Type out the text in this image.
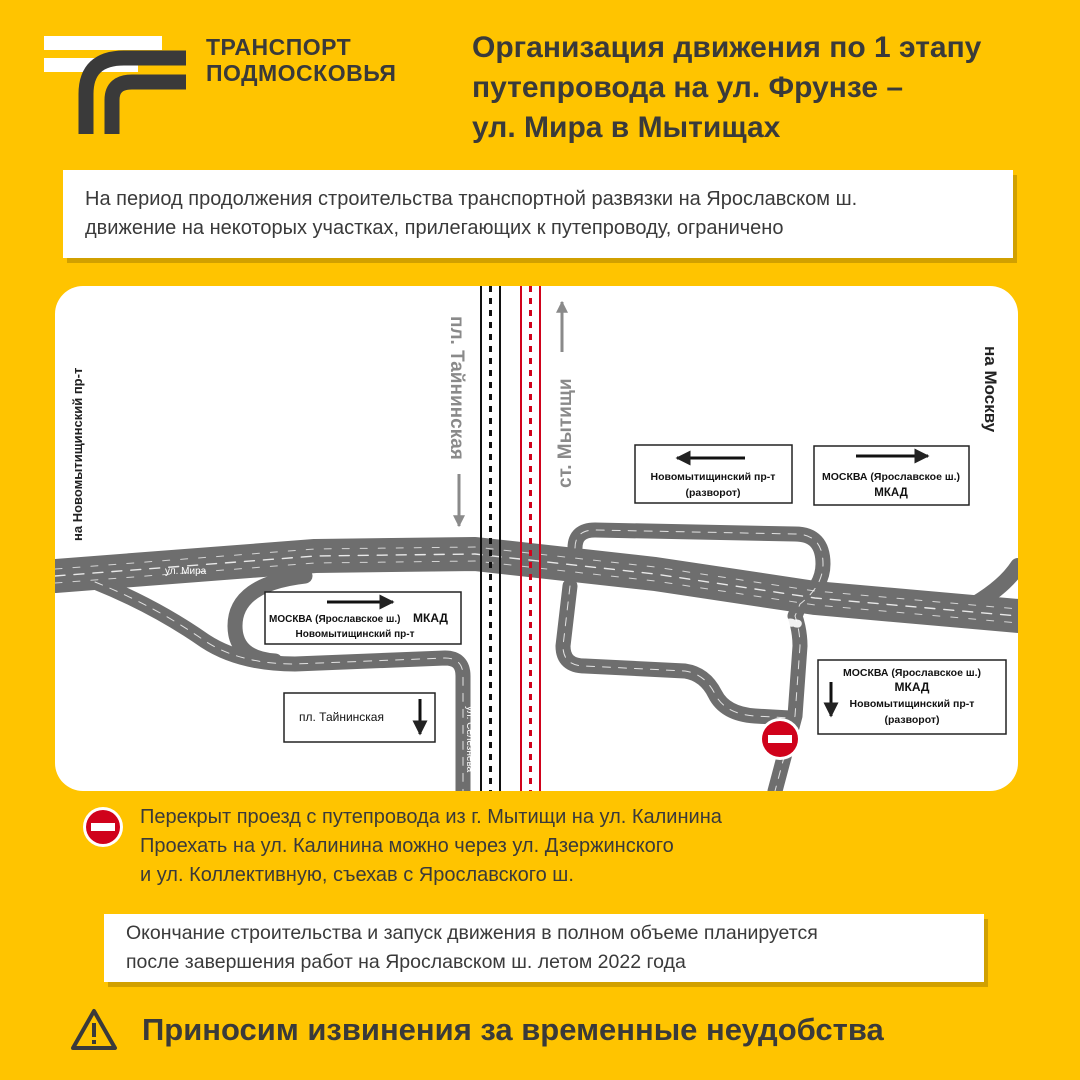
ТРАНСПОРТ
ПОДМОСКОВЬЯ
Организация движения по 1 этапу
путепровода на ул. Фрунзе –
ул. Мира в Мытищах
На период продолжения строительства транспортной развязки на Ярославском ш.
движение на некоторых участках, прилегающих к путепроводу, ограничено
на Новомытищинский пр-т	на Москву
пл. Тайнинская	ст. Мытищи
ул. Мира
ул. Фрунзе
ул. Селезнева
Новомытищинский пр-т
(разворот)
МОСКВА (Ярославское ш.)
МКАД
МОСКВА (Ярославское ш.) МКАД
Новомытищинский пр-т
пл. Тайнинская
МОСКВА (Ярославское ш.)
МКАД
Новомытищинский пр-т
(разворот)
Перекрыт проезд с путепровода из г. Мытищи на ул. Калинина
Проехать на ул. Калинина можно через ул. Дзержинского
и ул. Коллективную, съехав с Ярославского ш.
Окончание строительства и запуск движения в полном объеме планируется
после завершения работ на Ярославском ш. летом 2022 года
Приносим извинения за временные неудобства
